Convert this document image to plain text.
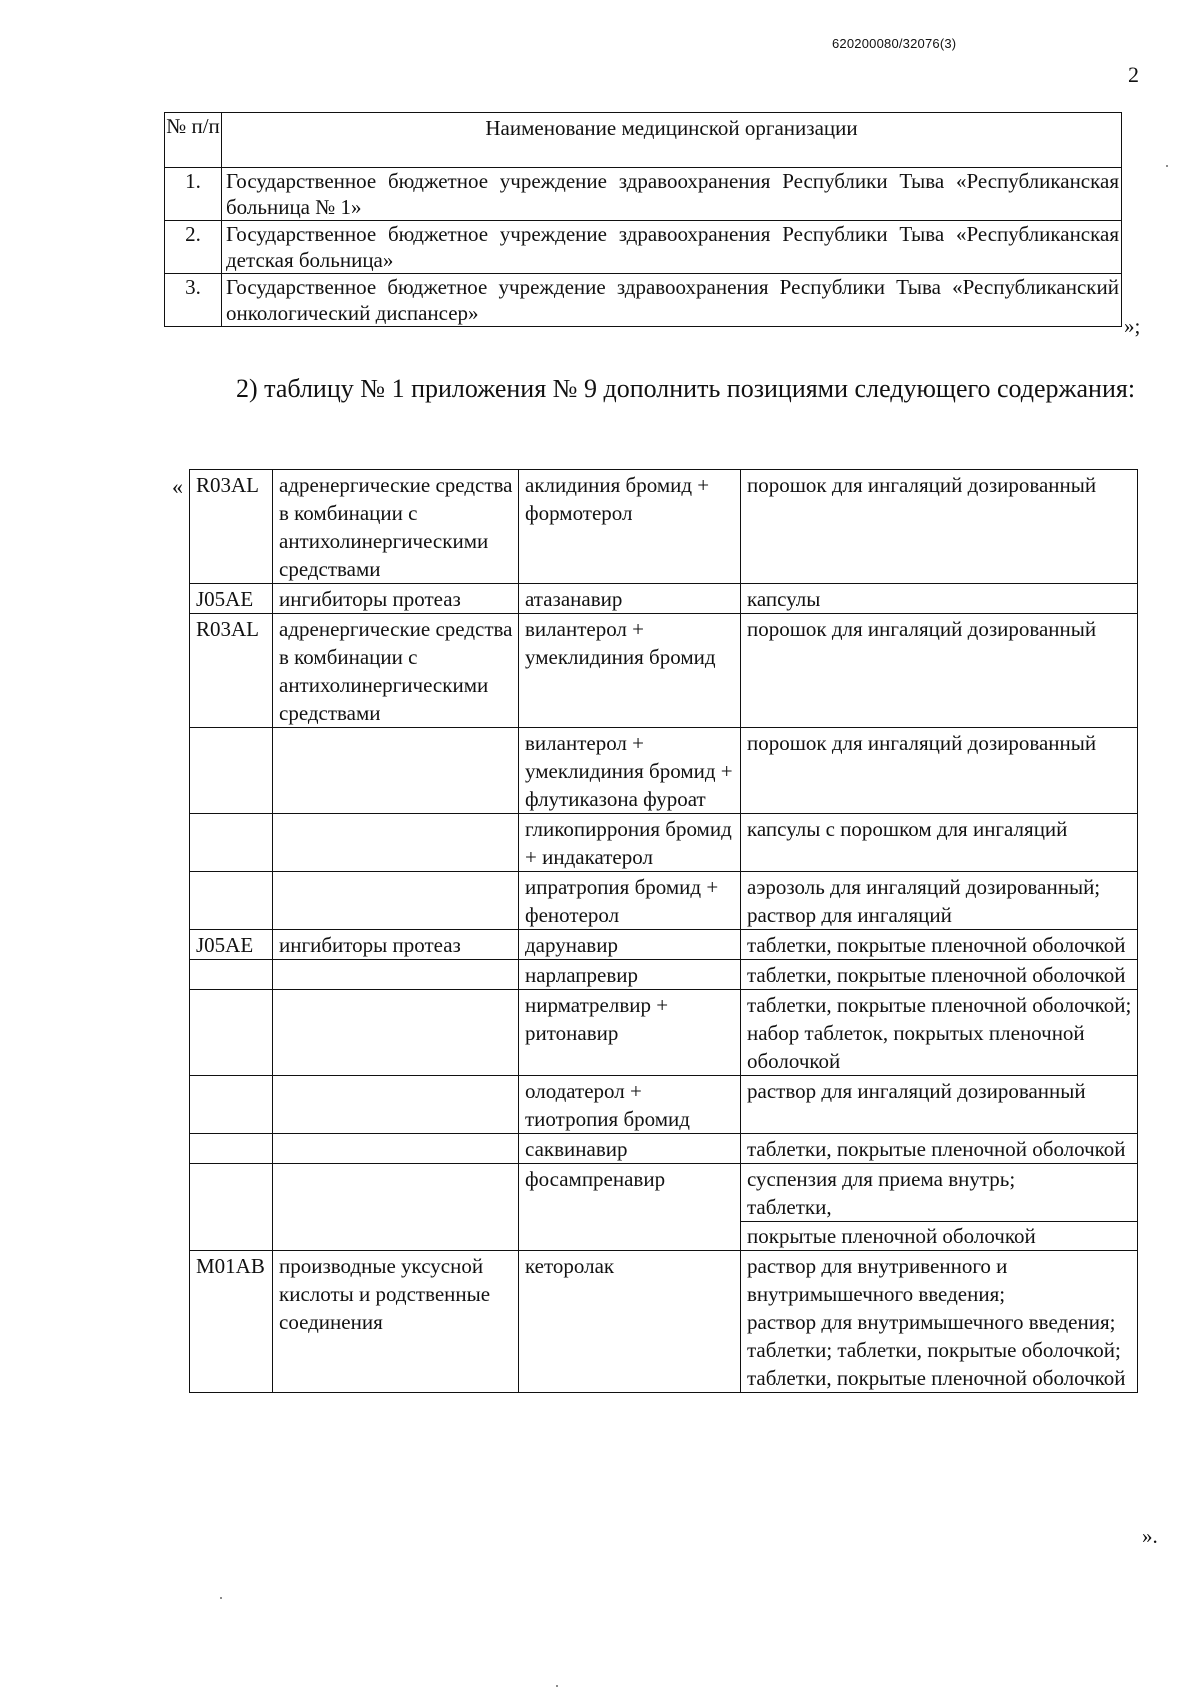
620200080/32076(3)
2
№ п/п	Наименование медицинской организации
1.	Государственное бюджетное учреждение здравоохранения Республики Тыва «Республиканская больница № 1»
2.	Государственное бюджетное учреждение здравоохранения Республики Тыва «Республиканская детская больница»
3.	Государственное бюджетное учреждение здравоохранения Республики Тыва «Республиканский онкологический диспансер»
»;

2) таблицу № 1 приложения № 9 дополнить позициями следующего содержания:

« R03AL	адренергические средства в комбинации с антихолинергическими средствами	аклидиния бромид + формотерол	порошок для ингаляций дозированный
J05AE	ингибиторы протеаз	атазанавир	капсулы
R03AL	адренергические средства в комбинации с антихолинергическими средствами	вилантерол + умеклидиния бромид	порошок для ингаляций дозированный
		вилантерол + умеклидиния бромид + флутиказона фуроат	порошок для ингаляций дозированный
		гликопиррония бромид + индакатерол	капсулы с порошком для ингаляций
		ипратропия бромид + фенотерол	аэрозоль для ингаляций дозированный;
раствор для ингаляций
J05AE	ингибиторы протеаз	дарунавир	таблетки, покрытые пленочной оболочкой
		нарлапревир	таблетки, покрытые пленочной оболочкой
		нирматрелвир + ритонавир	таблетки, покрытые пленочной оболочкой;
набор таблеток, покрытых пленочной оболочкой
		олодатерол + тиотропия бромид	раствор для ингаляций дозированный
		саквинавир	таблетки, покрытые пленочной оболочкой
		фосампренавир	суспензия для приема внутрь;
таблетки,
покрытые пленочной оболочкой

M01AB	производные уксусной кислоты и родственные соединения	кеторолак	раствор для внутривенного и внутримышечного введения;
раствор для внутримышечного введения; таблетки; таблетки, покрытые оболочкой; таблетки, покрытые пленочной оболочкой
».
